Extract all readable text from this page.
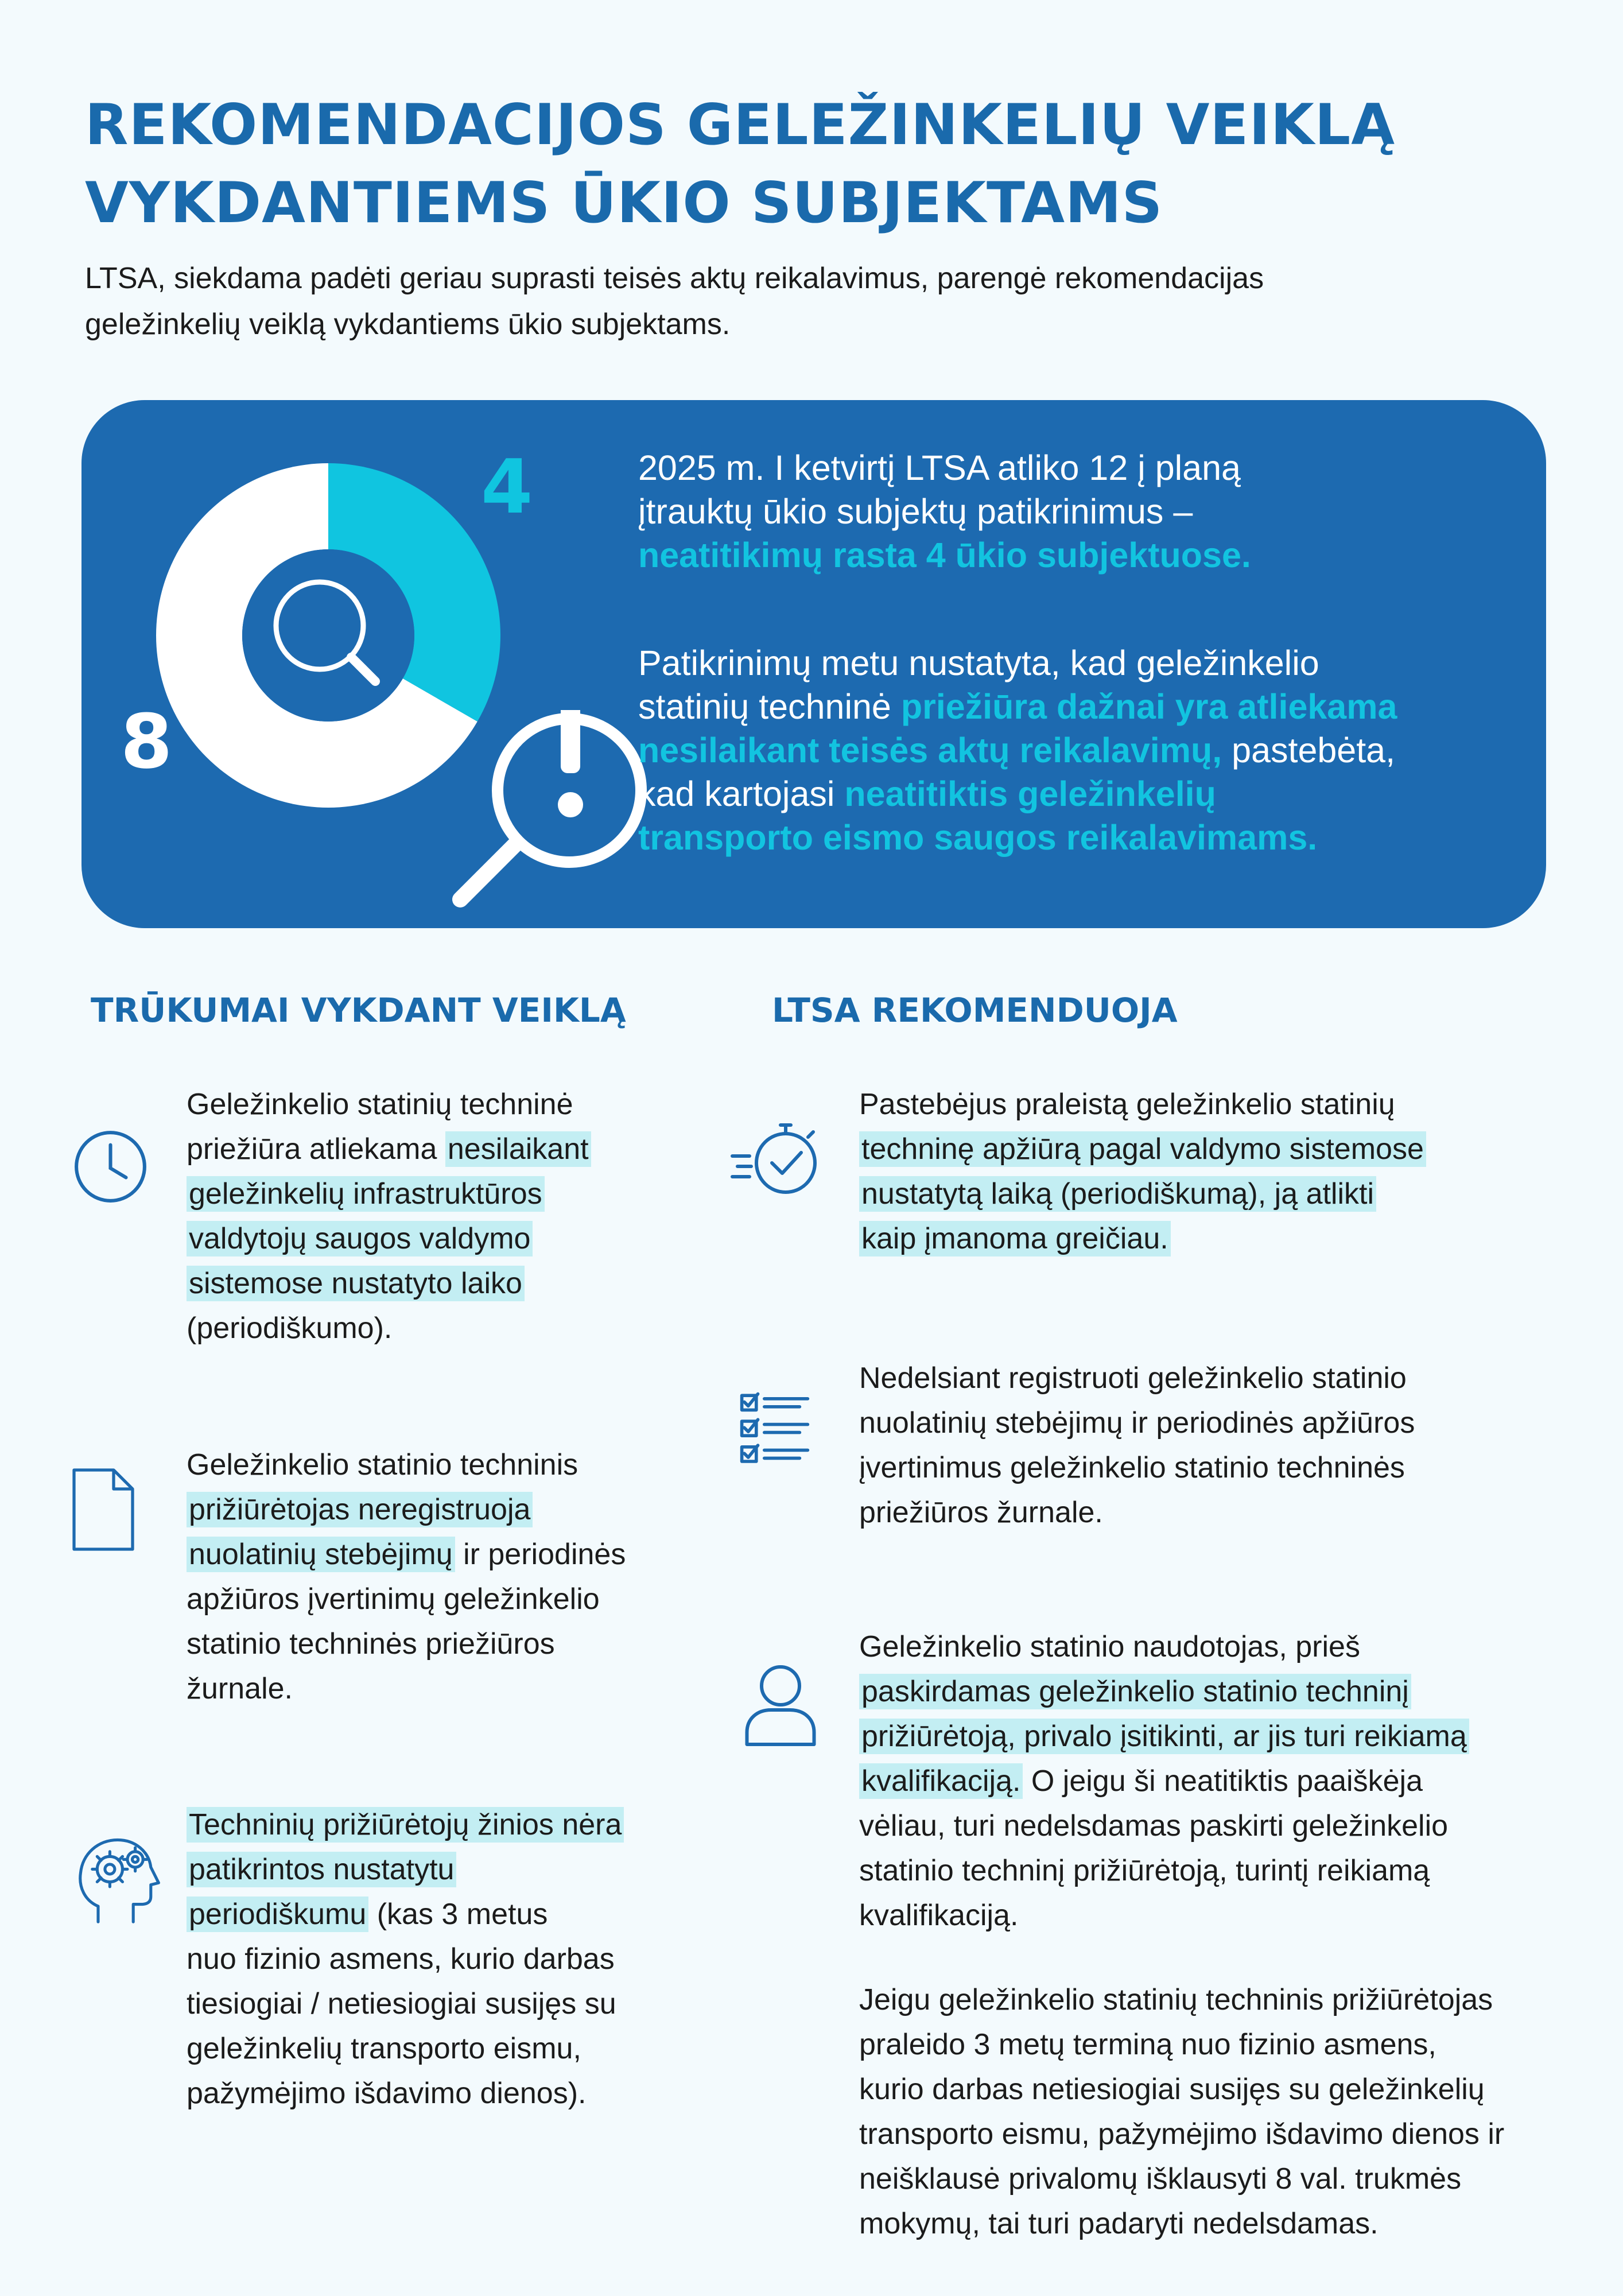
REKOMENDACIJOS GELEŽINKELIŲ VEIKLĄ
VYKDANTIEMS ŪKIO SUBJEKTAMS

LTSA, siekdama padėti geriau suprasti teisės aktų reikalavimus, parengė rekomendacijas
geležinkelių veiklą vykdantiems ūkio subjektams.

4
8

2025 m. I ketvirtį LTSA atliko 12 į planą
įtrauktų ūkio subjektų patikrinimus –
neatitikimų rasta 4 ūkio subjektuose.

Patikrinimų metu nustatyta, kad geležinkelio
statinių techninė priežiūra dažnai yra atliekama
nesilaikant teisės aktų reikalavimų, pastebėta,
kad kartojasi neatitiktis geležinkelių
transporto eismo saugos reikalavimams.

TRŪKUMAI VYKDANT VEIKLĄ	LTSA REKOMENDUOJA

Geležinkelio statinių techninė
priežiūra atliekama nesilaikant
geležinkelių infrastruktūros
valdytojų saugos valdymo
sistemose nustatyto laiko
(periodiškumo).

Geležinkelio statinio techninis
prižiūrėtojas neregistruoja
nuolatinių stebėjimų ir periodinės
apžiūros įvertinimų geležinkelio
statinio techninės priežiūros
žurnale.

Techninių prižiūrėtojų žinios nėra
patikrintos nustatytu
periodiškumu (kas 3 metus
nuo fizinio asmens, kurio darbas
tiesiogiai / netiesiogiai susijęs su
geležinkelių transporto eismu,
pažymėjimo išdavimo dienos).

Pastebėjus praleistą geležinkelio statinių
techninę apžiūrą pagal valdymo sistemose
nustatytą laiką (periodiškumą), ją atlikti
kaip įmanoma greičiau.

Nedelsiant registruoti geležinkelio statinio
nuolatinių stebėjimų ir periodinės apžiūros
įvertinimus geležinkelio statinio techninės
priežiūros žurnale.

Geležinkelio statinio naudotojas, prieš
paskirdamas geležinkelio statinio techninį
prižiūrėtoją, privalo įsitikinti, ar jis turi reikiamą
kvalifikaciją. O jeigu ši neatitiktis paaiškėja
vėliau, turi nedelsdamas paskirti geležinkelio
statinio techninį prižiūrėtoją, turintį reikiamą
kvalifikaciją.

Jeigu geležinkelio statinių techninis prižiūrėtojas
praleido 3 metų terminą nuo fizinio asmens,
kurio darbas netiesiogiai susijęs su geležinkelių
transporto eismu, pažymėjimo išdavimo dienos ir
neišklausė privalomų išklausyti 8 val. trukmės
mokymų, tai turi padaryti nedelsdamas.
